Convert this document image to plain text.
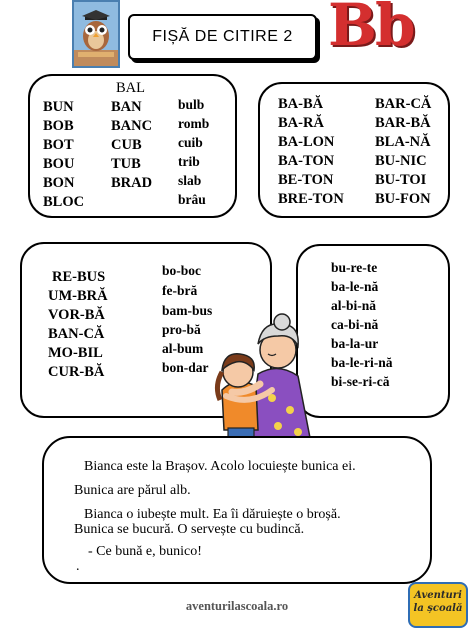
FIȘĂ DE CITIRE 2 Bb
BAL
BUN
BOB
BOT
BOU
BON
BLOC
BAN
BANC
CUB
TUB
BRAD
bulb
romb
cuib
trib
slab
brâu
BA-BĂ
BA-RĂ
BA-LON
BA-TON
BE-TON
BRE-TON
BAR-CĂ
BAR-BĂ
BLA-NĂ
BU-NIC
BU-TOI
BU-FON
RE-BUS
UM-BRĂ
VOR-BĂ
BAN-CĂ
MO-BIL
CUR-BĂ
bo-boc
fe-bră
bam-bus
pro-bă
al-bum
bon-dar
bu-re-te
ba-le-nă
al-bi-nă
ca-bi-nă
ba-la-ur
ba-le-ri-nă
bi-se-ri-că
Bianca este la Brașov. Acolo locuiește bunica ei.
Bunica are părul alb.
Bianca o iubește mult. Ea îi dăruiește o broșă.
Bunica se bucură. O servește cu budincă.
- Ce bună e, bunico!
.
aventurilascoala.ro
Aventuri
la școală
